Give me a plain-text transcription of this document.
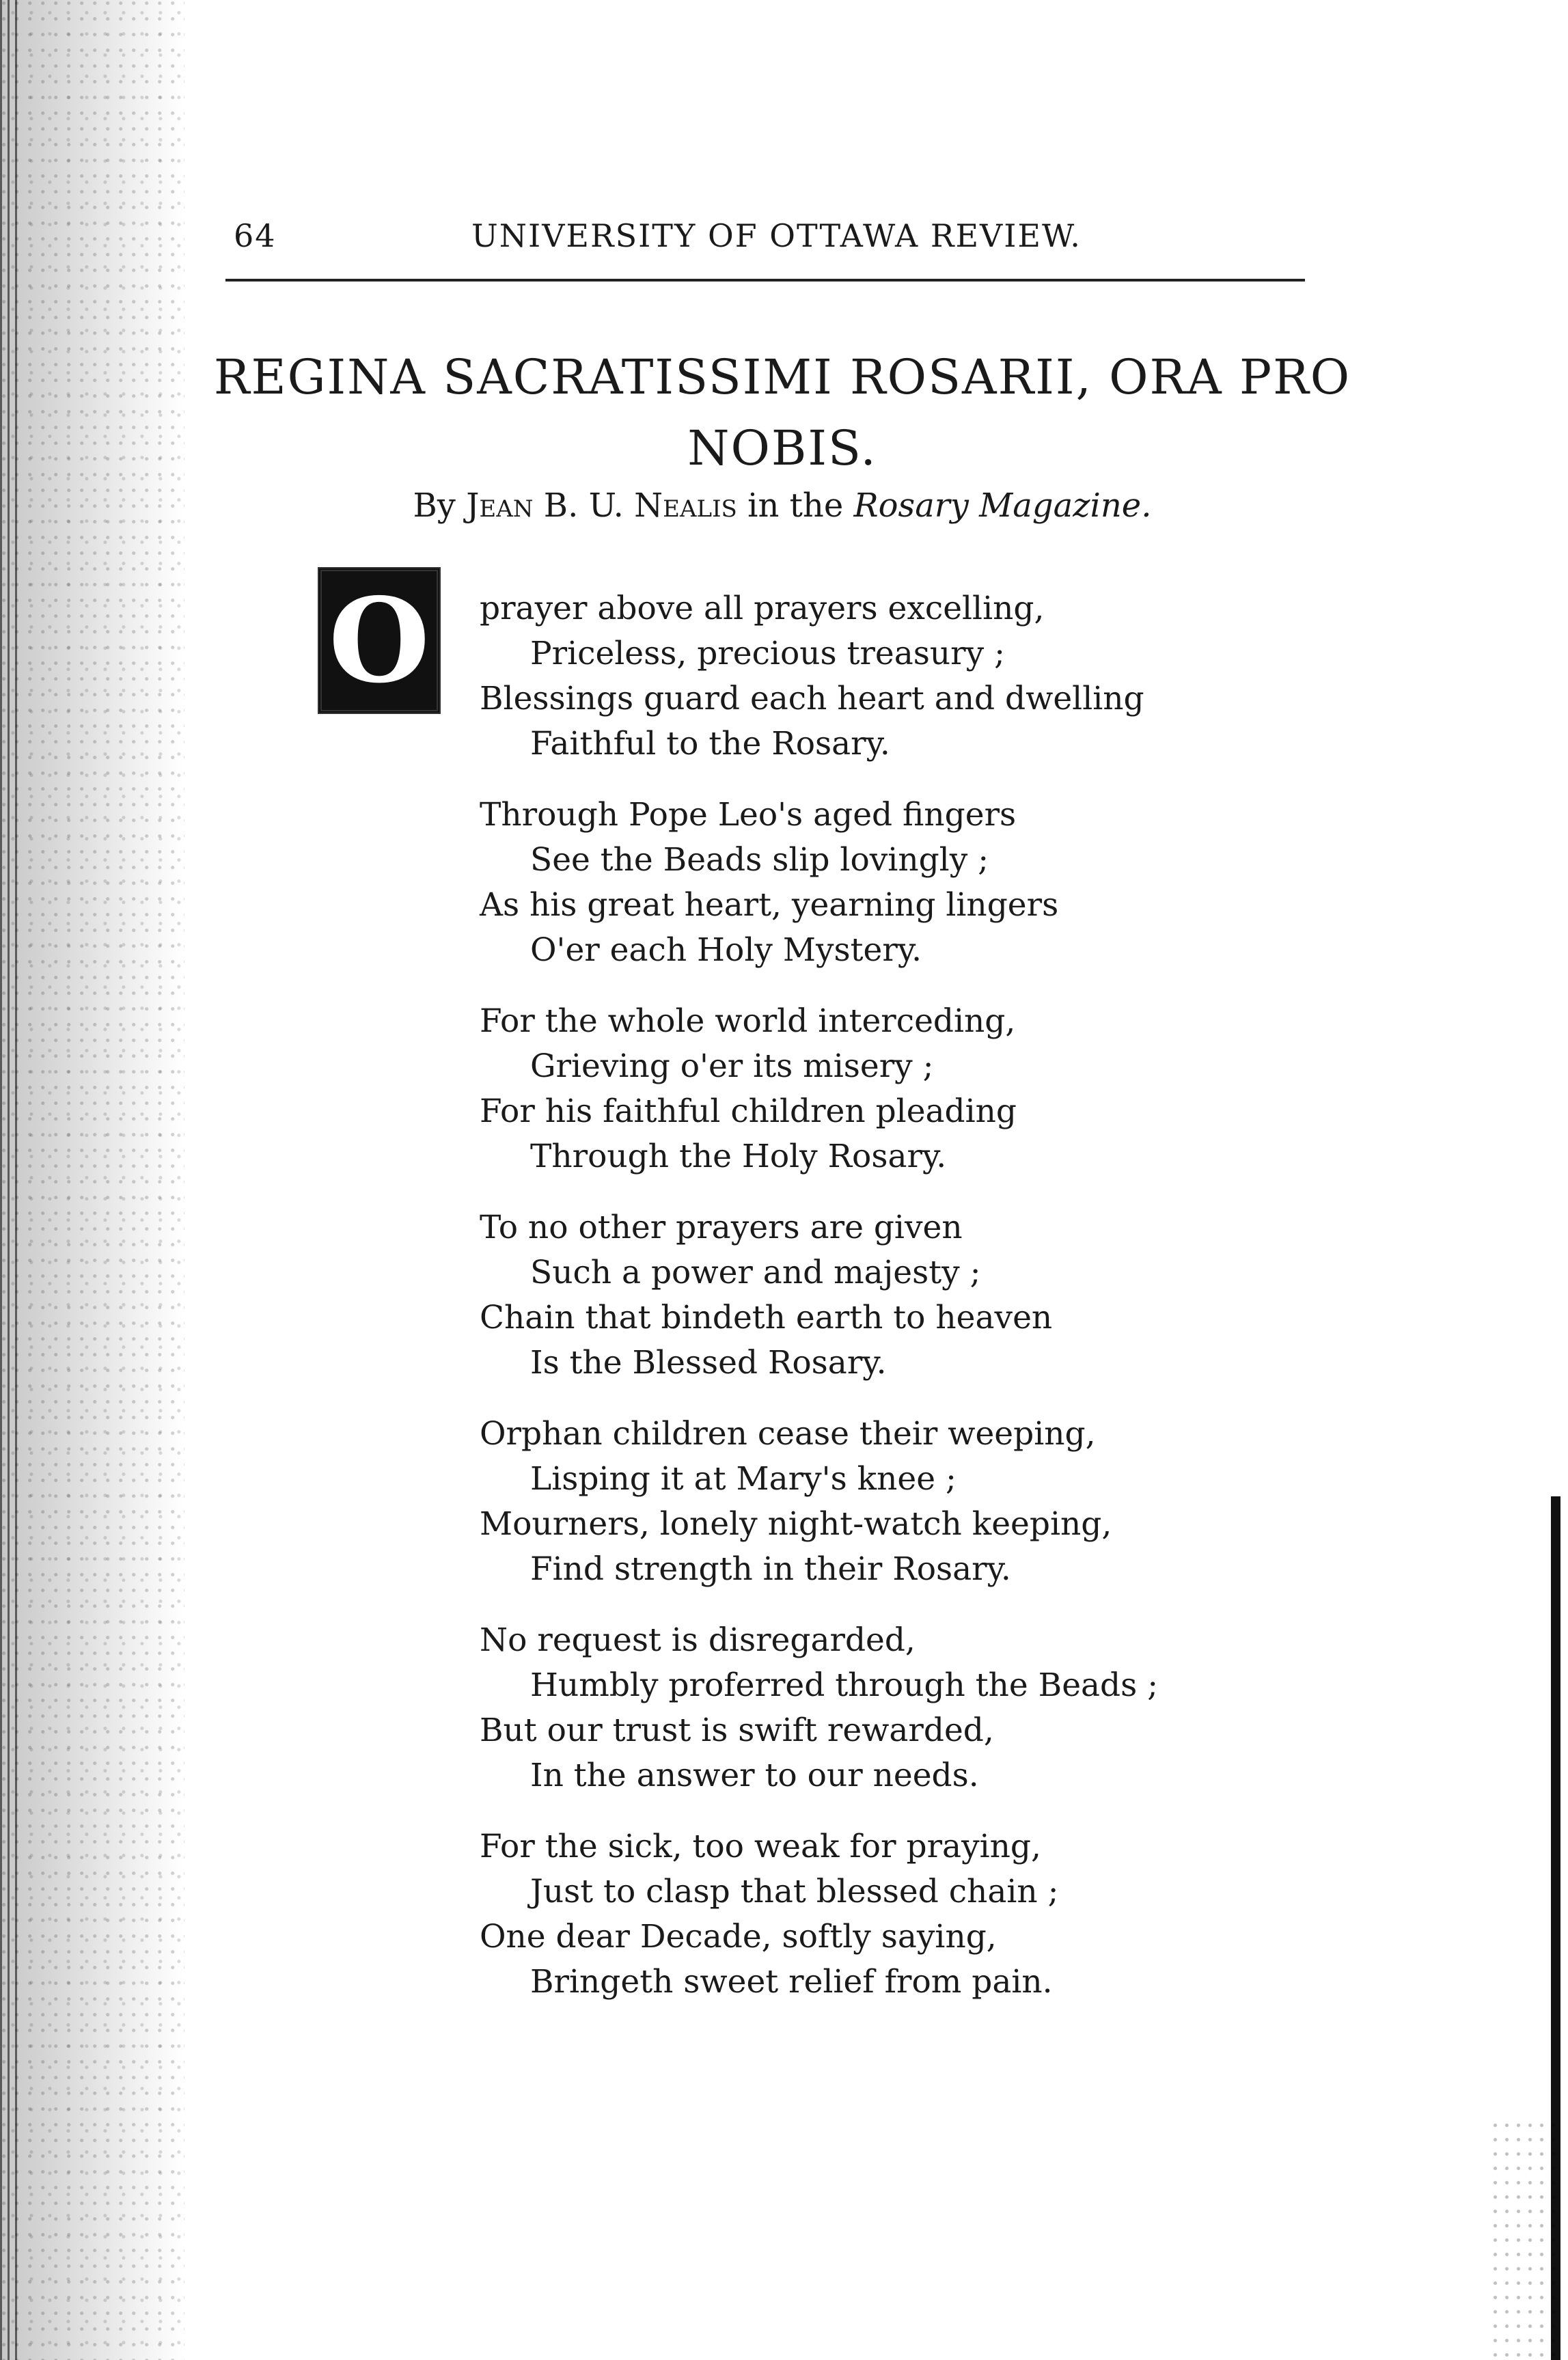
64	UNIVERSITY OF OTTAWA REVIEW.
REGINA SACRATISSIMI ROSARII, ORA PRO
NOBIS.
By Jean B. U. Nealis in the Rosary Magazine.
O prayer above all prayers excelling,
Priceless, precious treasury ;
Blessings guard each heart and dwelling
Faithful to the Rosary.
Through Pope Leo's aged fingers
See the Beads slip lovingly ;
As his great heart, yearning lingers
O'er each Holy Mystery.
For the whole world interceding,
Grieving o'er its misery ;
For his faithful children pleading
Through the Holy Rosary.
To no other prayers are given
Such a power and majesty ;
Chain that bindeth earth to heaven
Is the Blessed Rosary.
Orphan children cease their weeping,
Lisping it at Mary's knee ;
Mourners, lonely night-watch keeping,
Find strength in their Rosary.
No request is disregarded,
Humbly proferred through the Beads ;
But our trust is swift rewarded,
In the answer to our needs.
For the sick, too weak for praying,
Just to clasp that blessed chain ;
One dear Decade, softly saying,
Bringeth sweet relief from pain.
